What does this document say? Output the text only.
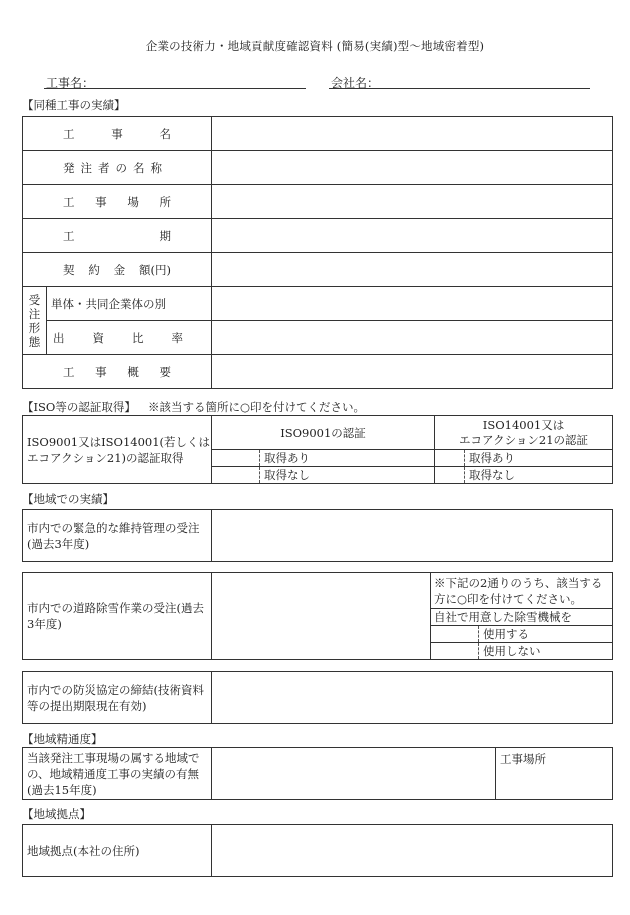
企業の技術力・地域貢献度確認資料 (簡易(実績)型〜地域密着型)
工事名：	会社名：
【同種工事の実績】
工 事 名		

発注者の名称		

工 事 場 所		

工 期		

契 約 金 額(円)		

受注形態	単体・共同企業体の別	

	出 資 比 率	

工 事 概 要		

【ISO等の認証取得】 ※該当する箇所に○印を付けてください。
ISO9001又はISO14001(若しくはエコアクション21)の認証取得	ISO9001の認証		ISO14001又は
エコアクション21の認証	

		取得あり		取得あり

		取得なし		取得なし
【地域での実績】
市内での緊急的な維持管理の受注(過去3年度)

市内での道路除雪作業の受注(過去3年度)		※下記の2通りのうち、該当する方に○印を付けてください。	

		自社で用意した除雪機械を	

			使用する

			使用しない
市内での防災協定の締結(技術資料等の提出期限現在有効)

【地域精通度】
当該発注工事現場の属する地域での、地域精通度工事の実績の有無(過去15年度)

工事場所
【地域拠点】
地域拠点(本社の住所)
